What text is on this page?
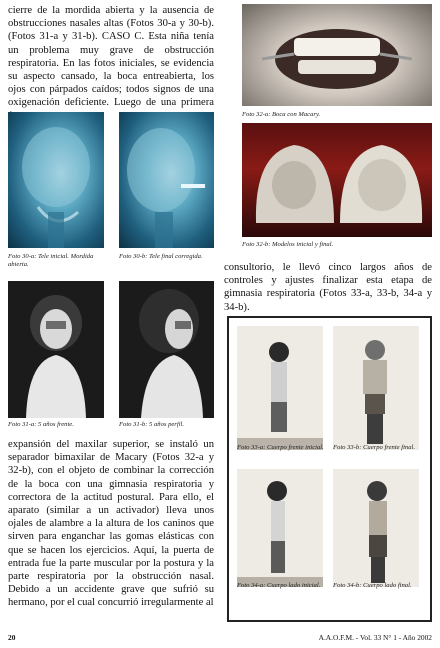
cierre de la mordida abierta y la ausencia de obstrucciones nasales altas (Fotos 30-a y 30-b). (Fotos 31-a y 31-b). CASO C. Esta niña tenía un problema muy grave de obstrucción respiratoria. En las fotos iniciales, se evidencia su aspecto cansado, la boca entreabierta, los ojos con párpados caídos; todos signos de una oxigenación deficiente. Luego de una primera
Foto 30-a: Tele inicial. Mordida abierta.
Foto 30-b: Tele final corregida.
Foto 31-a: 5 años frente.	Foto 31-b: 5 años perfil.
expansión del maxilar superior, se instaló un separador bimaxilar de Macary (Fotos 32-a y 32-b), con el objeto de combinar la corrección de la boca con una gimnasia respiratoria y correctora de la actitud postural. Para ello, el aparato (similar a un activador) lleva unos ojales de alambre a la altura de los caninos que sirven para enganchar las gomas elásticas con que se hacen los ejercicios. Aquí, la puerta de entrada fue la parte muscular por la postura y la parte respiratoria por la obstrucción nasal. Debido a un accidente grave que sufrió su hermano, por el cual concurrió irregularmente al
Foto 32-a: Boca con Macary.
Foto 32-b: Modelos inicial y final.
consultorio, le llevó cinco largos años de controles y ajustes finalizar esta etapa de gimnasia respiratoria (Fotos 33-a, 33-b, 34-a y 34-b).
Foto 33-a: Cuerpo frente inicial.	Foto 33-b: Cuerpo frente final.
Foto 34-a: Cuerpo lado inicial.	Foto 34-b: Cuerpo lado final.
20	A.A.O.F.M. - Vol. 33 N° 1 - Año 2002
